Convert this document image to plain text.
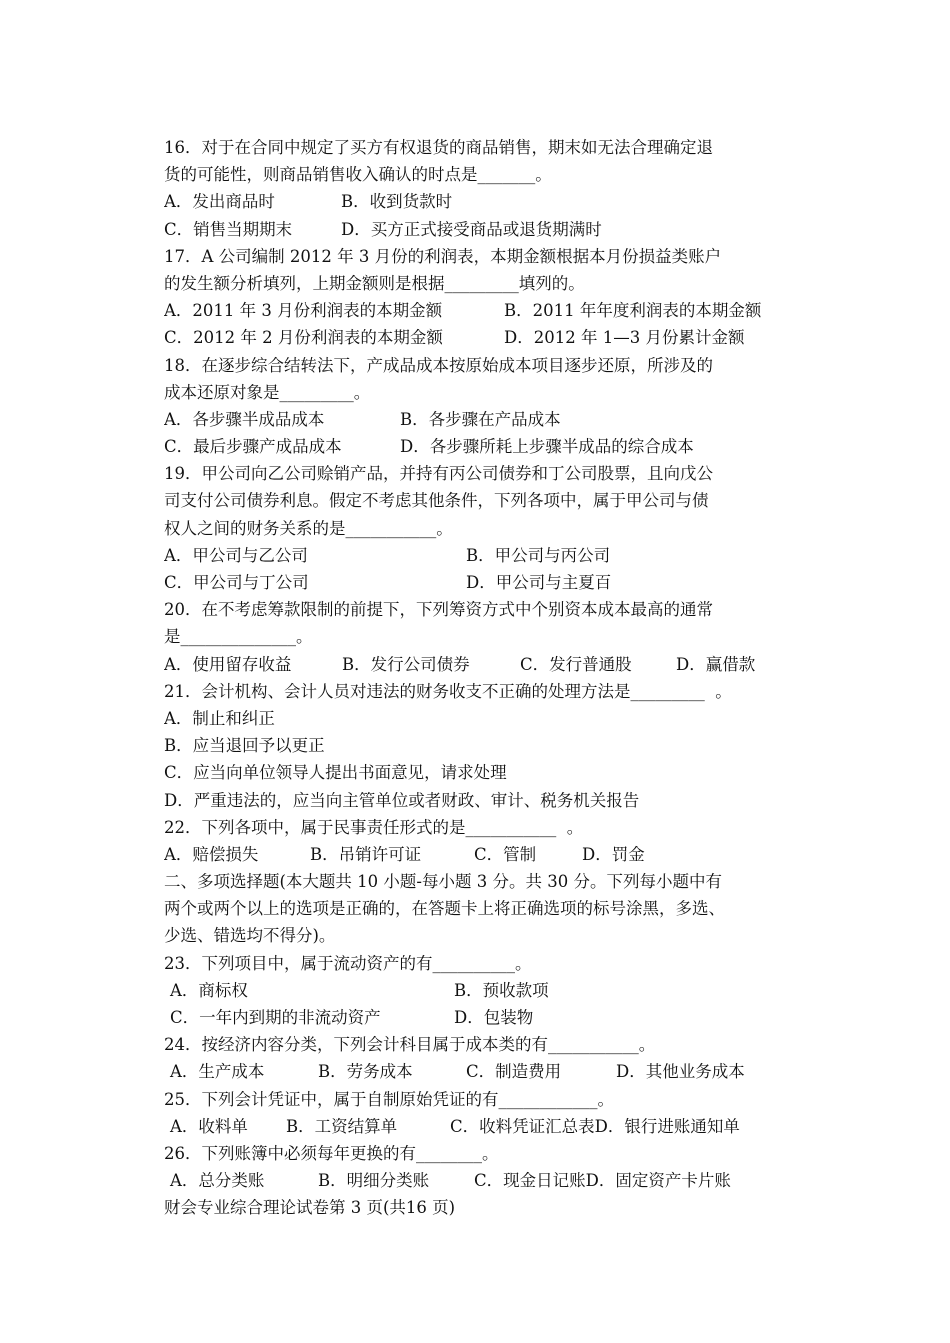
16．对于在合同中规定了买方有权退货的商品销售，期末如无法合理确定退
货的可能性，则商品销售收入确认的时点是_______。
A．发出商品时	B．收到货款时
C．销售当期期末	D．买方正式接受商品或退货期满时
17．A 公司编制 2012 年 3 月份的利润表，本期金额根据本月份损益类账户
的发生额分析填列，上期金额则是根据_________填列的。
A．2011 年 3 月份利润表的本期金额	B．2011 年年度利润表的本期金额
C．2012 年 2 月份利润表的本期金额	D．2012 年 1—3 月份累计金额
18．在逐步综合结转法下，产成品成本按原始成本项目逐步还原，所涉及的
成本还原对象是_________。
A．各步骤半成品成本	B．各步骤在产品成本
C．最后步骤产成品成本	D．各步骤所耗上步骤半成品的综合成本
19．甲公司向乙公司赊销产品，并持有丙公司债券和丁公司股票，且向戊公
司支付公司债券利息。假定不考虑其他条件，下列各项中，属于甲公司与债
权人之间的财务关系的是___________。
A．甲公司与乙公司	B．甲公司与丙公司
C．甲公司与丁公司	D．甲公司与主夏百
20．在不考虑筹款限制的前提下，下列筹资方式中个别资本成本最高的通常
是______________。
A．使用留存收益	B．发行公司债券	C．发行普通股	D．赢借款
21．会计机构、会计人员对违法的财务收支不正确的处理方法是_________  。
A．制止和纠正
B．应当退回予以更正
C．应当向单位领导人提出书面意见，请求处理
D．严重违法的，应当向主管单位或者财政、审计、税务机关报告
22．下列各项中，属于民事责任形式的是___________  。
A．赔偿损失	B．吊销许可证	C．管制	D．罚金
二、多项选择题(本大题共 10 小题-每小题 3 分。共 30 分。下列每小题中有
两个或两个以上的选项是正确的，在答题卡上将正确选项的标号涂黑，多选、
少选、错选均不得分)。
23．下列项目中，属于流动资产的有__________。
A．商标权	B．预收款项
C．一年内到期的非流动资产	D．包装物
24．按经济内容分类，下列会计科目属于成本类的有___________。
A．生产成本	B．劳务成本	C．制造费用	D．其他业务成本
25．下列会计凭证中，属于自制原始凭证的有____________。
A．收料单	B．工资结算单	C．收料凭证汇总表 D．银行进账通知单
26．下列账簿中必须每年更换的有________。
A．总分类账	B．明细分类账	C．现金日记账 D．固定资产卡片账
财会专业综合理论试卷第 3 页(共16 页)
